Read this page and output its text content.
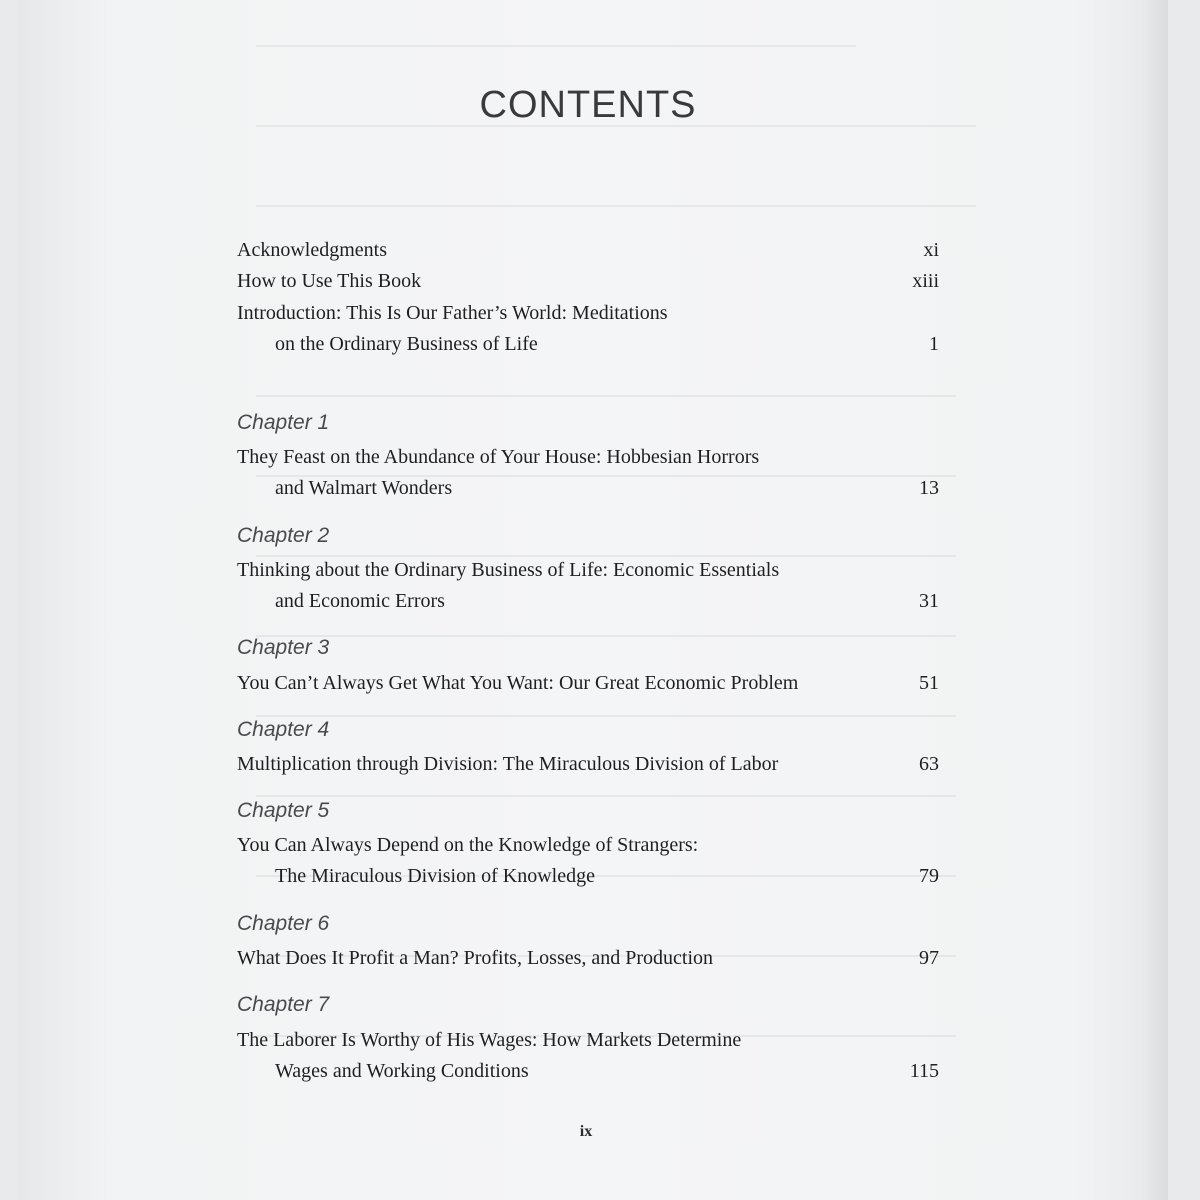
CONTENTS
Acknowledgments	xi
How to Use This Book	xiii
Introduction: This Is Our Father’s World: Meditations
on the Ordinary Business of Life	1
Chapter 1
They Feast on the Abundance of Your House: Hobbesian Horrors
and Walmart Wonders	13
Chapter 2
Thinking about the Ordinary Business of Life: Economic Essentials
and Economic Errors	31
Chapter 3
You Can’t Always Get What You Want: Our Great Economic Problem	51
Chapter 4
Multiplication through Division: The Miraculous Division of Labor	63
Chapter 5
You Can Always Depend on the Knowledge of Strangers:
The Miraculous Division of Knowledge	79
Chapter 6
What Does It Profit a Man? Profits, Losses, and Production	97
Chapter 7
The Laborer Is Worthy of His Wages: How Markets Determine
Wages and Working Conditions	115
ix
